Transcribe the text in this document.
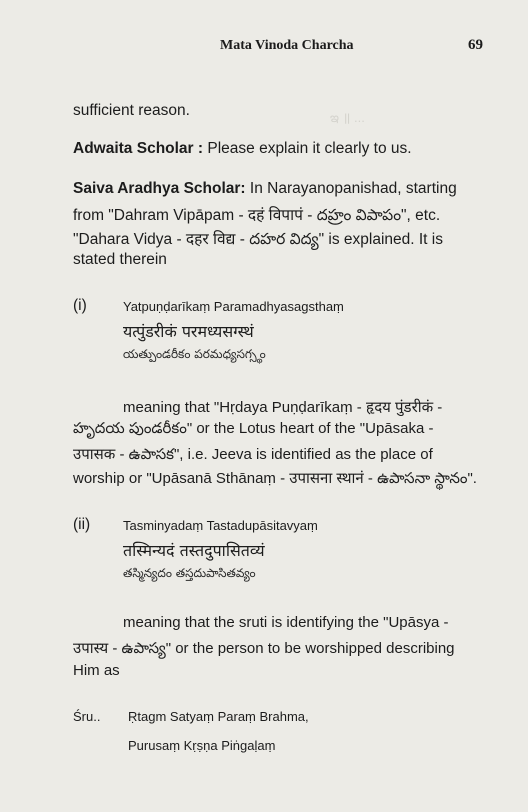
ఇ ॥ ...
Mata Vinoda Charcha	69
sufficient reason.
Adwaita Scholar : Please explain it clearly to us.
Saiva Aradhya Scholar: In Narayanopanishad, starting
from "Dahram Vipāpam - दहं विपापं - దహ్రం విపాపం", etc.
"Dahara Vidya - दहर विद्य - దహర విద్య" is explained. It is
stated therein
(i)	Yatpuṇḍarīkaṃ Paramadhyasagsthaṃ
यत्पुंडरीकं परमध्यसग्स्थं
యత్పుండరీకం పరమధ్యసగ్స్థం
meaning that "Hṛdaya Puṇḍarīkaṃ - हृदय पुंडरीकं -
హృదయ పుండరీకం" or the Lotus heart of the "Upāsaka -
उपासक - ఉపాసక", i.e. Jeeva is identified as the place of
worship or "Upāsanā Sthānaṃ - उपासना स्थानं - ఉపాసనా స్థానం".
(ii)	Tasminyadaṃ Tastadupāsitavyaṃ
तस्मिन्यदं तस्तदुपासितव्यं
తస్మిన్యదం తస్తదుపాసితవ్యం
meaning that the sruti is identifying the "Upāsya -
उपास्य - ఉపాస్య" or the person to be worshipped describing
Him as
Śru.. Ṛtagm Satyaṃ Paraṃ Brahma,
Purusaṃ Kṛṣṇa Piṅgaḷaṃ
